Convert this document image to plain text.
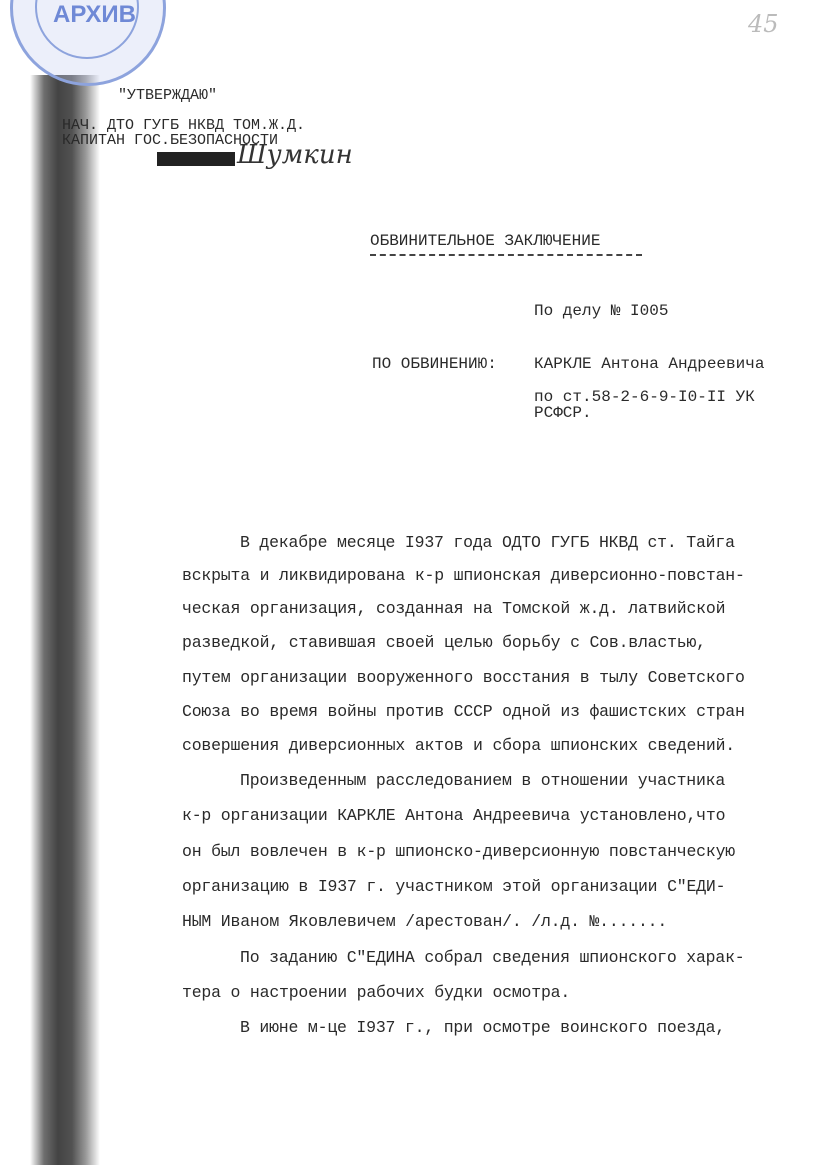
АРХИВ	45
"УТВЕРЖДАЮ"
НАЧ. ДТО ГУГБ НКВД ТОМ.Ж.Д.
КАПИТАН ГОС.БЕЗОПАСНОСТИ
Шумкин
ОБВИНИТЕЛЬНОЕ ЗАКЛЮЧЕНИЕ
По делу № I005
ПО ОБВИНЕНИЮ: КАРКЛЕ Антона Андреевича
по ст.58-2-6-9-I0-II УК
РСФСР.
В декабре месяце I937 года ОДТО ГУГБ НКВД ст. Тайга
вскрыта и ликвидирована к-р шпионская диверсионно-повстан-
ческая организация, созданная на Томской ж.д. латвийской
разведкой, ставившая своей целью борьбу с Сов.властью,
путем организации вооруженного восстания в тылу Советского
Союза во время войны против СССР одной из фашистских стран
совершения диверсионных актов и сбора шпионских сведений.
Произведенным расследованием в отношении участника
к-р организации КАРКЛЕ Антона Андреевича установлено,что
он был вовлечен в к-р шпионско-диверсионную повстанческую
организацию в I937 г. участником этой организации С"ЕДИ-
НЫМ Иваном Яковлевичем /арестован/. /л.д. №.......
По заданию С"ЕДИНА собрал сведения шпионского харак-
тера о настроении рабочих будки осмотра.
В июне м-це I937 г., при осмотре воинского поезда,
